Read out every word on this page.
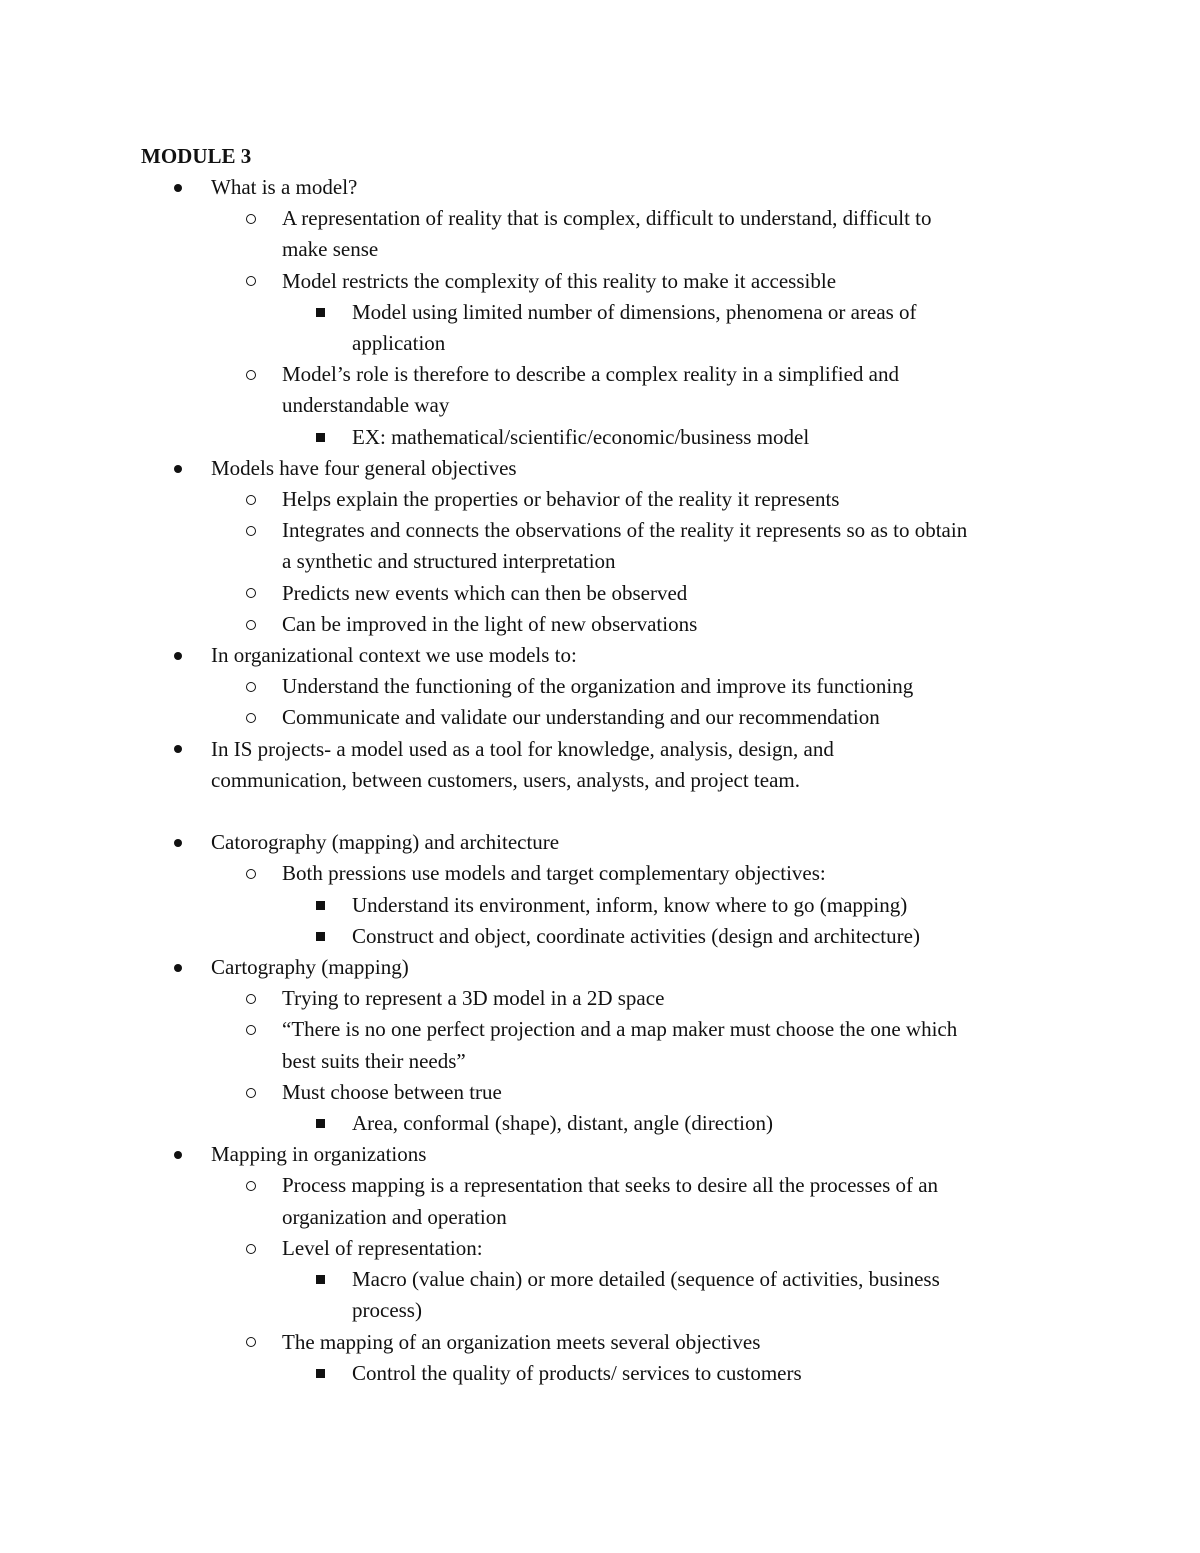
MODULE 3
What is a model?
A representation of reality that is complex, difficult to understand, difficult to
make sense
Model restricts the complexity of this reality to make it accessible
Model using limited number of dimensions, phenomena or areas of
application
Model’s role is therefore to describe a complex reality in a simplified and
understandable way
EX: mathematical/scientific/economic/business model
Models have four general objectives
Helps explain the properties or behavior of the reality it represents
Integrates and connects the observations of the reality it represents so as to obtain
a synthetic and structured interpretation
Predicts new events which can then be observed
Can be improved in the light of new observations
In organizational context we use models to:
Understand the functioning of the organization and improve its functioning
Communicate and validate our understanding and our recommendation
In IS projects- a model used as a tool for knowledge, analysis, design, and
communication, between customers, users, analysts, and project team.
Catorography (mapping) and architecture
Both pressions use models and target complementary objectives:
Understand its environment, inform, know where to go (mapping)
Construct and object, coordinate activities (design and architecture)
Cartography (mapping)
Trying to represent a 3D model in a 2D space
“There is no one perfect projection and a map maker must choose the one which
best suits their needs”
Must choose between true
Area, conformal (shape), distant, angle (direction)
Mapping in organizations
Process mapping is a representation that seeks to desire all the processes of an
organization and operation
Level of representation:
Macro (value chain) or more detailed (sequence of activities, business
process)
The mapping of an organization meets several objectives
Control the quality of products/ services to customers
